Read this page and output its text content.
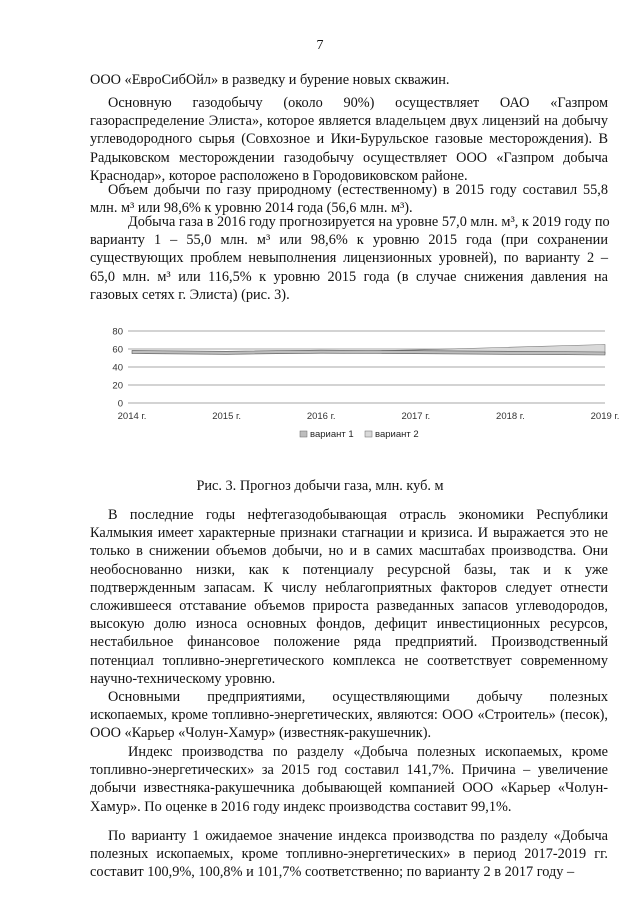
7
ООО «ЕвроСибОйл» в разведку и бурение новых скважин.
Основную газодобычу (около 90%) осуществляет ОАО «Газпром
газораспределение Элиста», которое является владельцем двух лицензий на добычу
углеводородного сырья (Совхозное и Ики-Бурульское газовые месторождения). В
Радыковском месторождении газодобычу осуществляет ООО «Газпром добыча
Краснодар», которое расположено в Городовиковском районе.
Объем добычи по газу природному (естественному) в 2015 году составил 55,8
млн. м³ или 98,6% к уровню 2014 года (56,6 млн. м³).
Добыча газа в 2016 году прогнозируется на уровне 57,0 млн. м³, к 2019 году по
варианту 1 – 55,0 млн. м³ или 98,6% к уровню 2015 года (при сохранении
существующих проблем невыполнения лицензионных уровней), по варианту 2 –
65,0 млн. м³ или 116,5% к уровню 2015 года (в случае снижения давления на
газовых сетях г. Элиста) (рис. 3).
0
20
40
60
80
2014 г.	2015 г.	2016 г.	2017 г.	2018 г.	2019 г.
вариант 1 вариант 2
Рис. 3. Прогноз добычи газа, млн. куб. м
В последние годы нефтегазодобывающая отрасль экономики Республики
Калмыкия имеет характерные признаки стагнации и кризиса. И выражается это не
только в снижении объемов добычи, но и в самих масштабах производства. Они
необоснованно низки, как к потенциалу ресурсной базы, так и к уже
подтвержденным запасам. К числу неблагоприятных факторов следует отнести
сложившееся отставание объемов прироста разведанных запасов углеводородов,
высокую долю износа основных фондов, дефицит инвестиционных ресурсов,
нестабильное финансовое положение ряда предприятий. Производственный
потенциал топливно-энергетического комплекса не соответствует современному
научно-техническому уровню.
Основными предприятиями, осуществляющими добычу полезных
ископаемых, кроме топливно-энергетических, являются: ООО «Строитель» (песок),
ООО «Карьер «Чолун-Хамур» (известняк-ракушечник).
Индекс производства по разделу «Добыча полезных ископаемых, кроме
топливно-энергетических» за 2015 год составил 141,7%. Причина – увеличение
добычи известняка-ракушечника добывающей компанией ООО «Карьер «Чолун-
Хамур». По оценке в 2016 году индекс производства составит 99,1%.
По варианту 1 ожидаемое значение индекса производства по разделу «Добыча
полезных ископаемых, кроме топливно-энергетических» в период 2017-2019 гг.
составит 100,9%, 100,8% и 101,7% соответственно; по варианту 2 в 2017 году –
